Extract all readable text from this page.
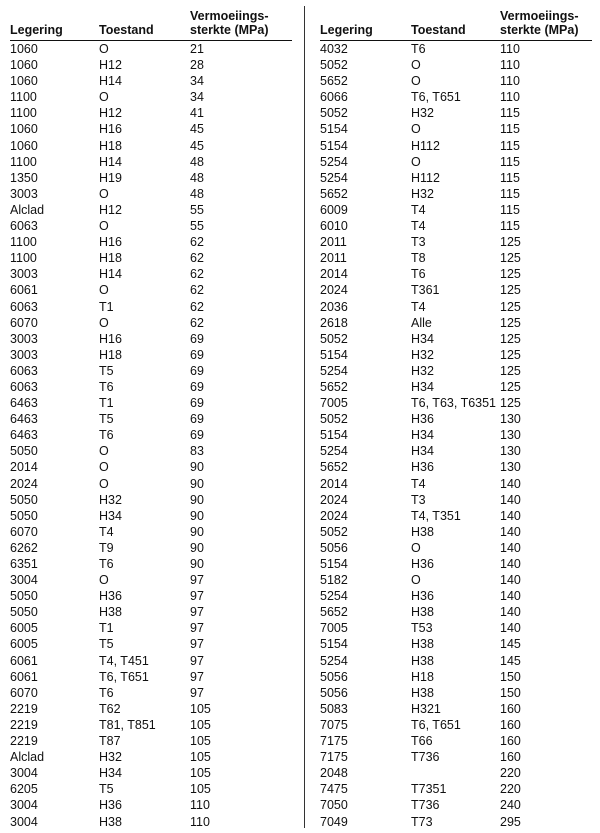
Legering	Toestand
Vermoeiings-
sterkte (MPa)
1060	O	21
1060	H12	28
1060	H14	34
1100	O	34
1100	H12	41
1060	H16	45
1060	H18	45
1100	H14	48
1350	H19	48
3003	O	48
Alclad	H12	55
6063	O	55
1100	H16	62
1100	H18	62
3003	H14	62
6061	O	62
6063	T1	62
6070	O	62
3003	H16	69
3003	H18	69
6063	T5	69
6063	T6	69
6463	T1	69
6463	T5	69
6463	T6	69
5050	O	83
2014	O	90
2024	O	90
5050	H32	90
5050	H34	90
6070	T4	90
6262	T9	90
6351	T6	90
3004	O	97
5050	H36	97
5050	H38	97
6005	T1	97
6005	T5	97
6061	T4, T451	97
6061	T6, T651	97
6070	T6	97
2219	T62	105
2219	T81, T851	105
2219	T87	105
Alclad	H32	105
3004	H34	105
6205	T5	105
3004	H36	110
3004	H38	110
Legering	Toestand
Vermoeiings-
sterkte (MPa)
4032	T6	110
5052	O	110
5652	O	110
6066	T6, T651	110
5052	H32	115
5154	O	115
5154	H112	115
5254	O	115
5254	H112	115
5652	H32	115
6009	T4	115
6010	T4	115
2011	T3	125
2011	T8	125
2014	T6	125
2024	T361	125
2036	T4	125
2618	Alle	125
5052	H34	125
5154	H32	125
5254	H32	125
5652	H34	125
7005	T6, T63, T6351	125
5052	H36	130
5154	H34	130
5254	H34	130
5652	H36	130
2014	T4	140
2024	T3	140
2024	T4, T351	140
5052	H38	140
5056	O	140
5154	H36	140
5182	O	140
5254	H36	140
5652	H38	140
7005	T53	140
5154	H38	145
5254	H38	145
5056	H18	150
5056	H38	150
5083	H321	160
7075	T6, T651	160
7175	T66	160
7175	T736	160
2048		220
7475	T7351	220
7050	T736	240
7049	T73	295
